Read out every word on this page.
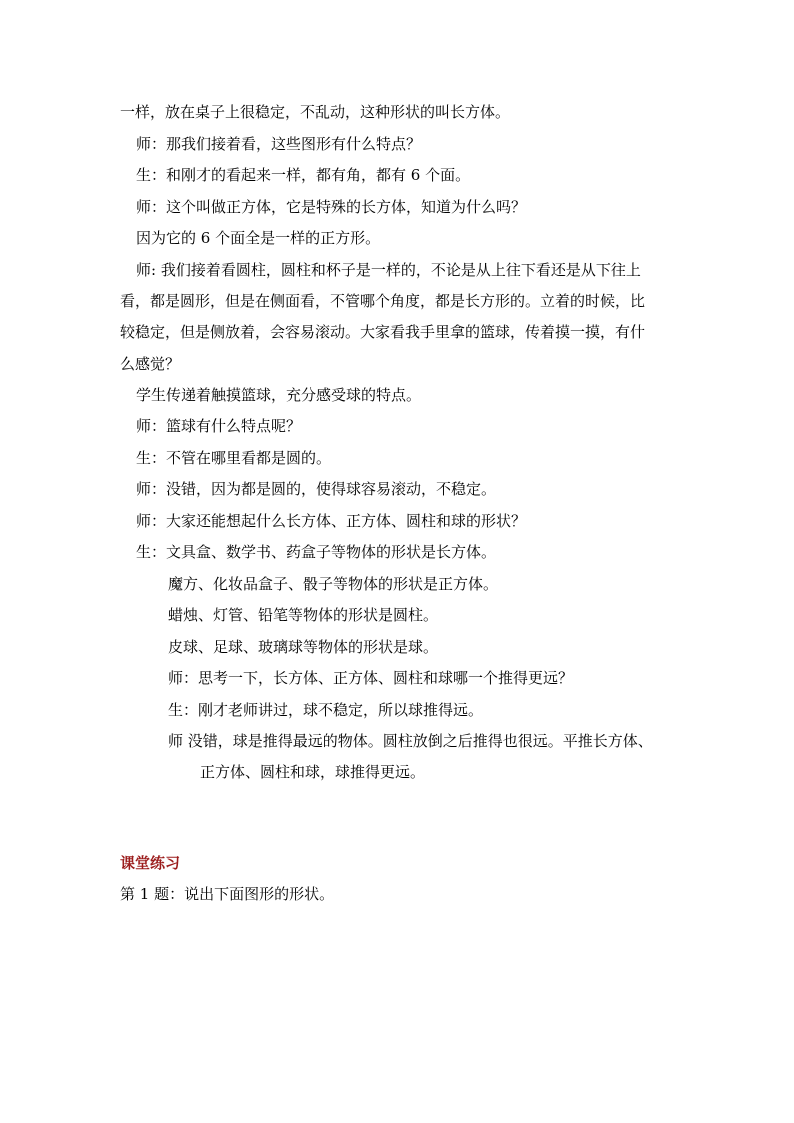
一样，放在桌子上很稳定，不乱动，这种形状的叫长方体。
师：那我们接着看，这些图形有什么特点？
生：和刚才的看起来一样，都有角，都有 6 个面。
师：这个叫做正方体，它是特殊的长方体，知道为什么吗？
因为它的 6 个面全是一样的正方形。
师: 我们接着看圆柱，圆柱和杯子是一样的，不论是从上往下看还是从下往上
看，都是圆形，但是在侧面看，不管哪个角度，都是长方形的。立着的时候，比
较稳定，但是侧放着，会容易滚动。大家看我手里拿的篮球，传着摸一摸，有什
么感觉？
学生传递着触摸篮球，充分感受球的特点。
师：篮球有什么特点呢？
生：不管在哪里看都是圆的。
师：没错，因为都是圆的，使得球容易滚动，不稳定。
师：大家还能想起什么长方体、正方体、圆柱和球的形状？
生：文具盒、数学书、药盒子等物体的形状是长方体。
魔方、化妆品盒子、骰子等物体的形状是正方体。
蜡烛、灯管、铅笔等物体的形状是圆柱。
皮球、足球、玻璃球等物体的形状是球。
师：思考一下，长方体、正方体、圆柱和球哪一个推得更远？
生：刚才老师讲过，球不稳定，所以球推得远。
师 没错，球是推得最远的物体。圆柱放倒之后推得也很远。平推长方体、
正方体、圆柱和球，球推得更远。
课堂练习
第 1 题：说出下面图形的形状。
